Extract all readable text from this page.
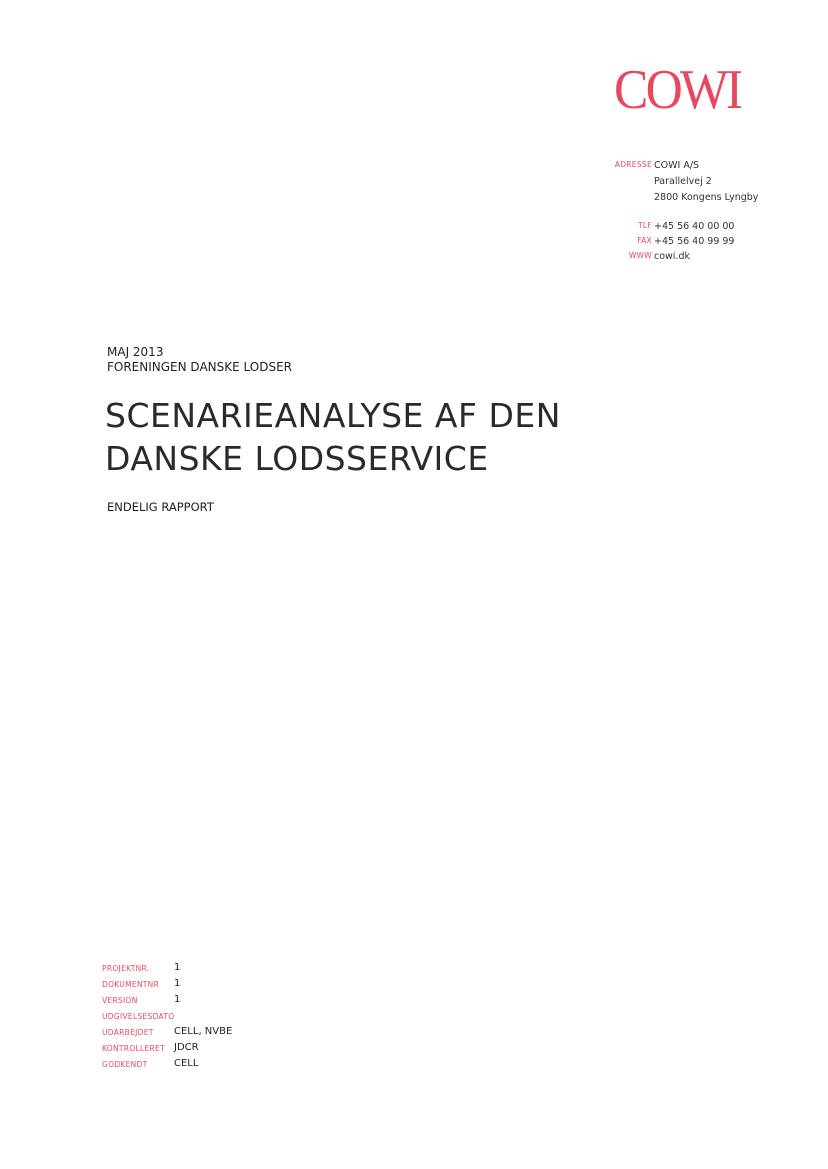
COWI
ADRESSE COWI A/S
Parallelvej 2
2800 Kongens Lyngby
TLF +45 56 40 00 00
FAX +45 56 40 99 99
WWW cowi.dk
MAJ 2013
FORENINGEN DANSKE LODSER
SCENARIEANALYSE AF DEN
DANSKE LODSSERVICE
ENDELIG RAPPORT
PROJEKTNR. 1
DOKUMENTNR 1
VERSION	1
UDGIVELSESDATO
UDARBEJDET CELL, NVBE
KONTROLLERET JDCR
GODKENDT	CELL
